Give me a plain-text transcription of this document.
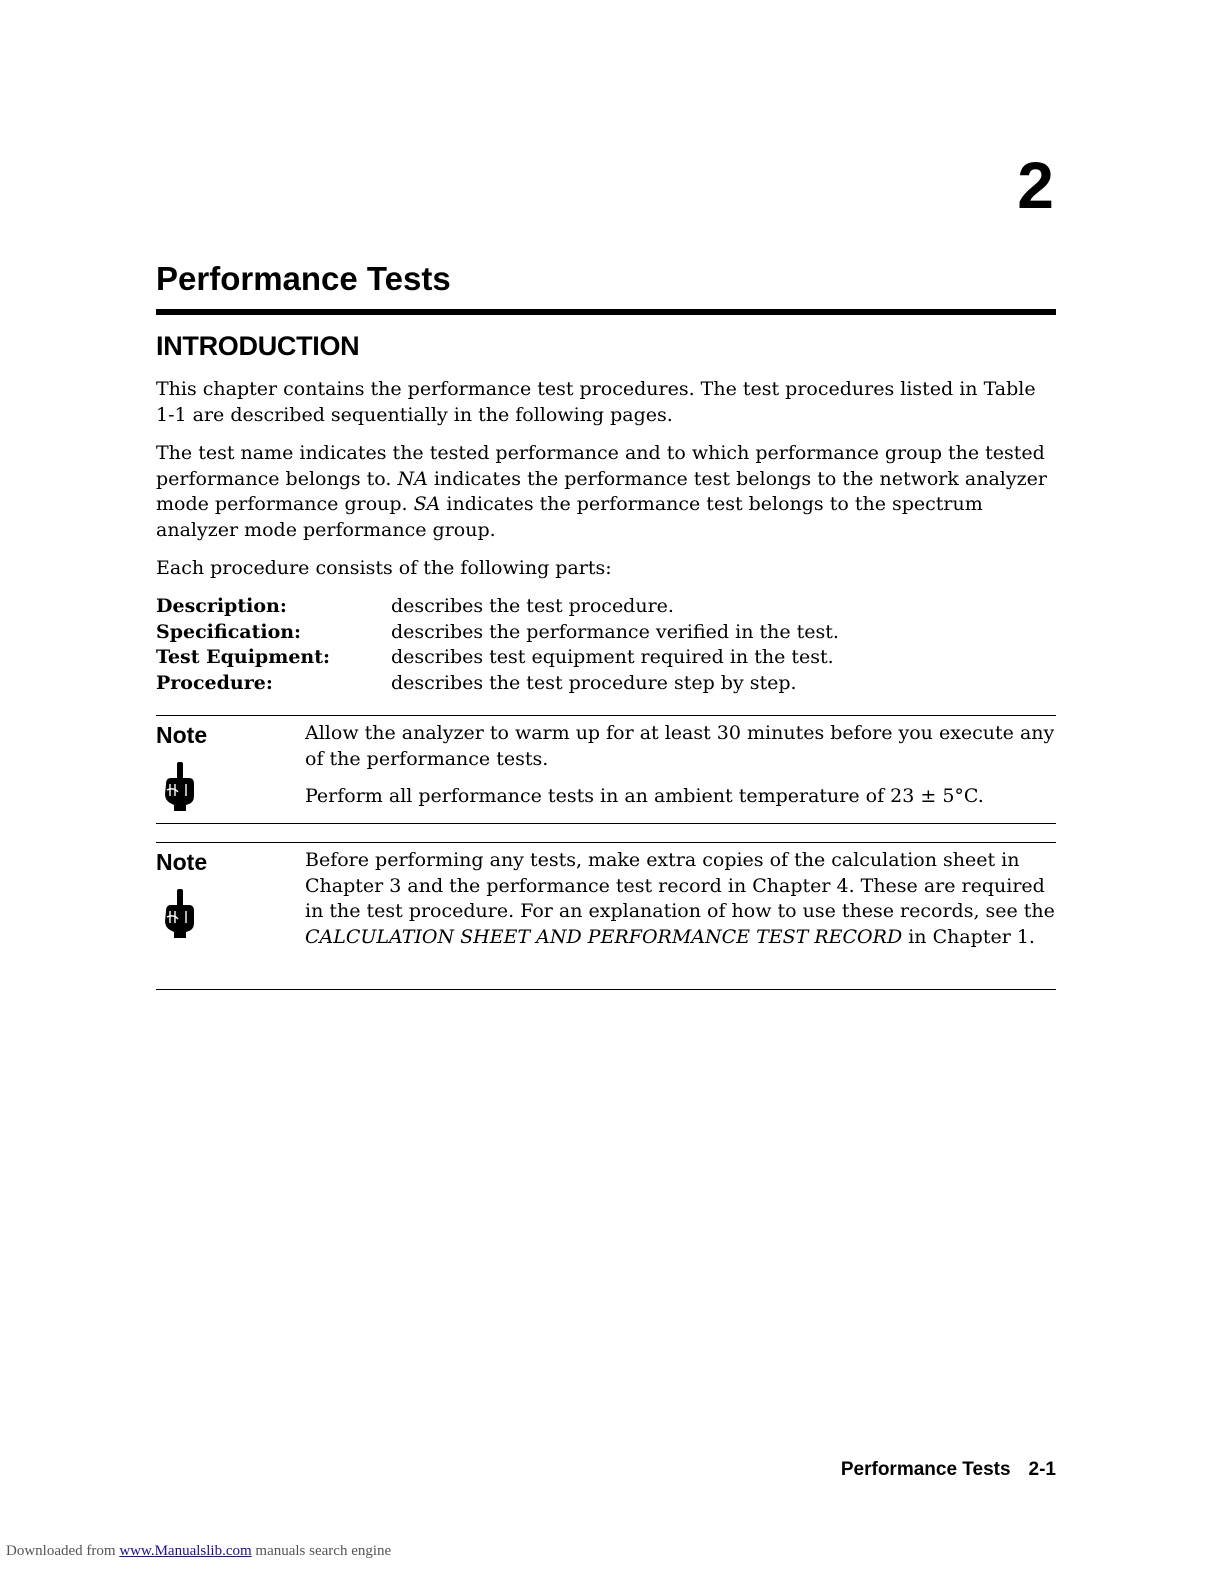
2
Performance Tests
INTRODUCTION

This chapter contains the performance test procedures. The test procedures listed in Table 1-1 are described sequentially in the following pages.

The test name indicates the tested performance and to which performance group the tested performance belongs to. NA indicates the performance test belongs to the network analyzer mode performance group. SA indicates the performance test belongs to the spectrum analyzer mode performance group.

Each procedure consists of the following parts:

Description:	describes the test procedure.
Specification:	describes the performance verified in the test.
Test Equipment:	describes test equipment required in the test.
Procedure:	describes the test procedure step by step.
Note	Allow the analyzer to warm up for at least 30 minutes before you execute any of the performance tests.

Perform all performance tests in an ambient temperature of 23 ± 5°C.

Note	Before performing any tests, make extra copies of the calculation sheet in Chapter 3 and the performance test record in Chapter 4. These are required in the test procedure. For an explanation of how to use these records, see the CALCULATION SHEET AND PERFORMANCE TEST RECORD in Chapter 1.

Performance Tests 2-1
Downloaded from www.Manualslib.com manuals search engine
